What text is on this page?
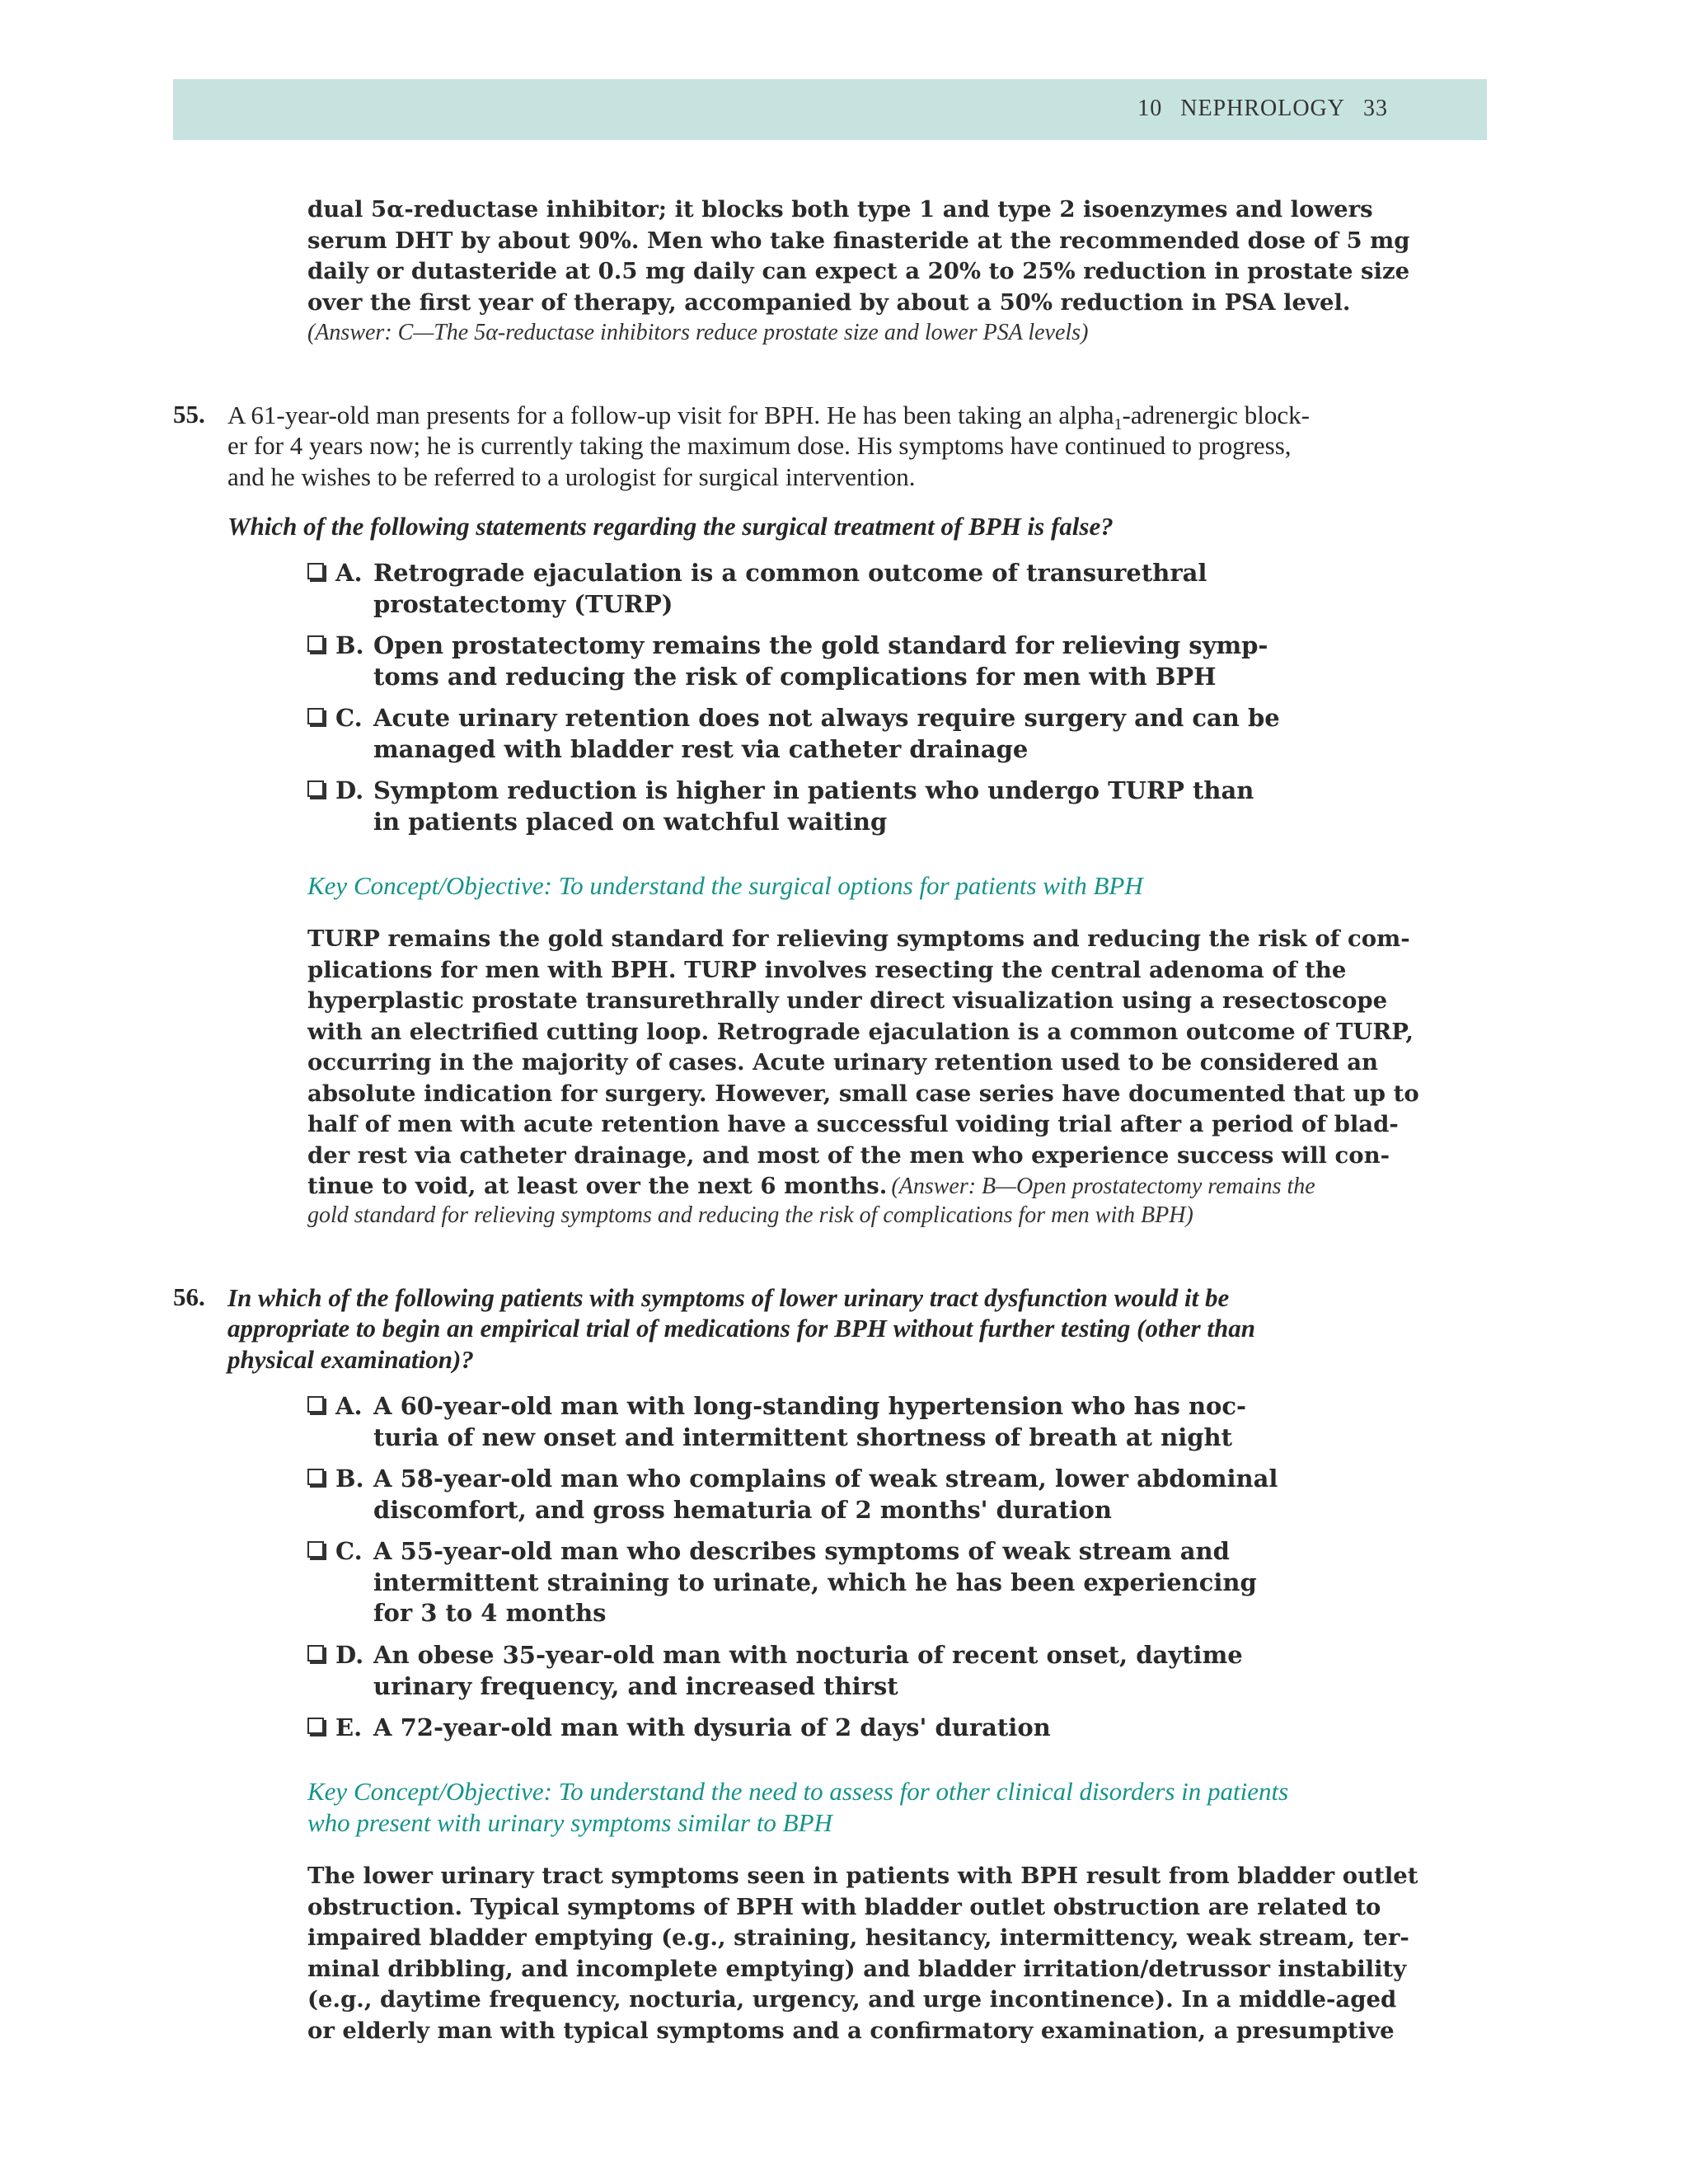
10 NEPHROLOGY 33
dual 5α-reductase inhibitor; it blocks both type 1 and type 2 isoenzymes and lowers
serum DHT by about 90%. Men who take finasteride at the recommended dose of 5 mg
daily or dutasteride at 0.5 mg daily can expect a 20% to 25% reduction in prostate size
over the first year of therapy, accompanied by about a 50% reduction in PSA level.
(Answer: C—The 5α-reductase inhibitors reduce prostate size and lower PSA levels)
55. A 61-year-old man presents for a follow-up visit for BPH. He has been taking an alpha$_1$-adrenergic block-
er for 4 years now; he is currently taking the maximum dose. His symptoms have continued to progress,
and he wishes to be referred to a urologist for surgical intervention.
Which of the following statements regarding the surgical treatment of BPH is false?
A. Retrograde ejaculation is a common outcome of transurethral
prostatectomy (TURP)
B. Open prostatectomy remains the gold standard for relieving symp-
toms and reducing the risk of complications for men with BPH
C. Acute urinary retention does not always require surgery and can be
managed with bladder rest via catheter drainage
D. Symptom reduction is higher in patients who undergo TURP than
in patients placed on watchful waiting
Key Concept/Objective: To understand the surgical options for patients with BPH
TURP remains the gold standard for relieving symptoms and reducing the risk of com-
plications for men with BPH. TURP involves resecting the central adenoma of the
hyperplastic prostate transurethrally under direct visualization using a resectoscope
with an electrified cutting loop. Retrograde ejaculation is a common outcome of TURP,
occurring in the majority of cases. Acute urinary retention used to be considered an
absolute indication for surgery. However, small case series have documented that up to
half of men with acute retention have a successful voiding trial after a period of blad-
der rest via catheter drainage, and most of the men who experience success will con-
tinue to void, at least over the next 6 months. (Answer: B—Open prostatectomy remains the
gold standard for relieving symptoms and reducing the risk of complications for men with BPH)
56. In which of the following patients with symptoms of lower urinary tract dysfunction would it be
appropriate to begin an empirical trial of medications for BPH without further testing (other than
physical examination)?
A. A 60-year-old man with long-standing hypertension who has noc-
turia of new onset and intermittent shortness of breath at night
B. A 58-year-old man who complains of weak stream, lower abdominal
discomfort, and gross hematuria of 2 months' duration
C. A 55-year-old man who describes symptoms of weak stream and
intermittent straining to urinate, which he has been experiencing
for 3 to 4 months
D. An obese 35-year-old man with nocturia of recent onset, daytime
urinary frequency, and increased thirst
E. A 72-year-old man with dysuria of 2 days' duration
Key Concept/Objective: To understand the need to assess for other clinical disorders in patients
who present with urinary symptoms similar to BPH
The lower urinary tract symptoms seen in patients with BPH result from bladder outlet
obstruction. Typical symptoms of BPH with bladder outlet obstruction are related to
impaired bladder emptying (e.g., straining, hesitancy, intermittency, weak stream, ter-
minal dribbling, and incomplete emptying) and bladder irritation/detrussor instability
(e.g., daytime frequency, nocturia, urgency, and urge incontinence). In a middle-aged
or elderly man with typical symptoms and a confirmatory examination, a presumptive
